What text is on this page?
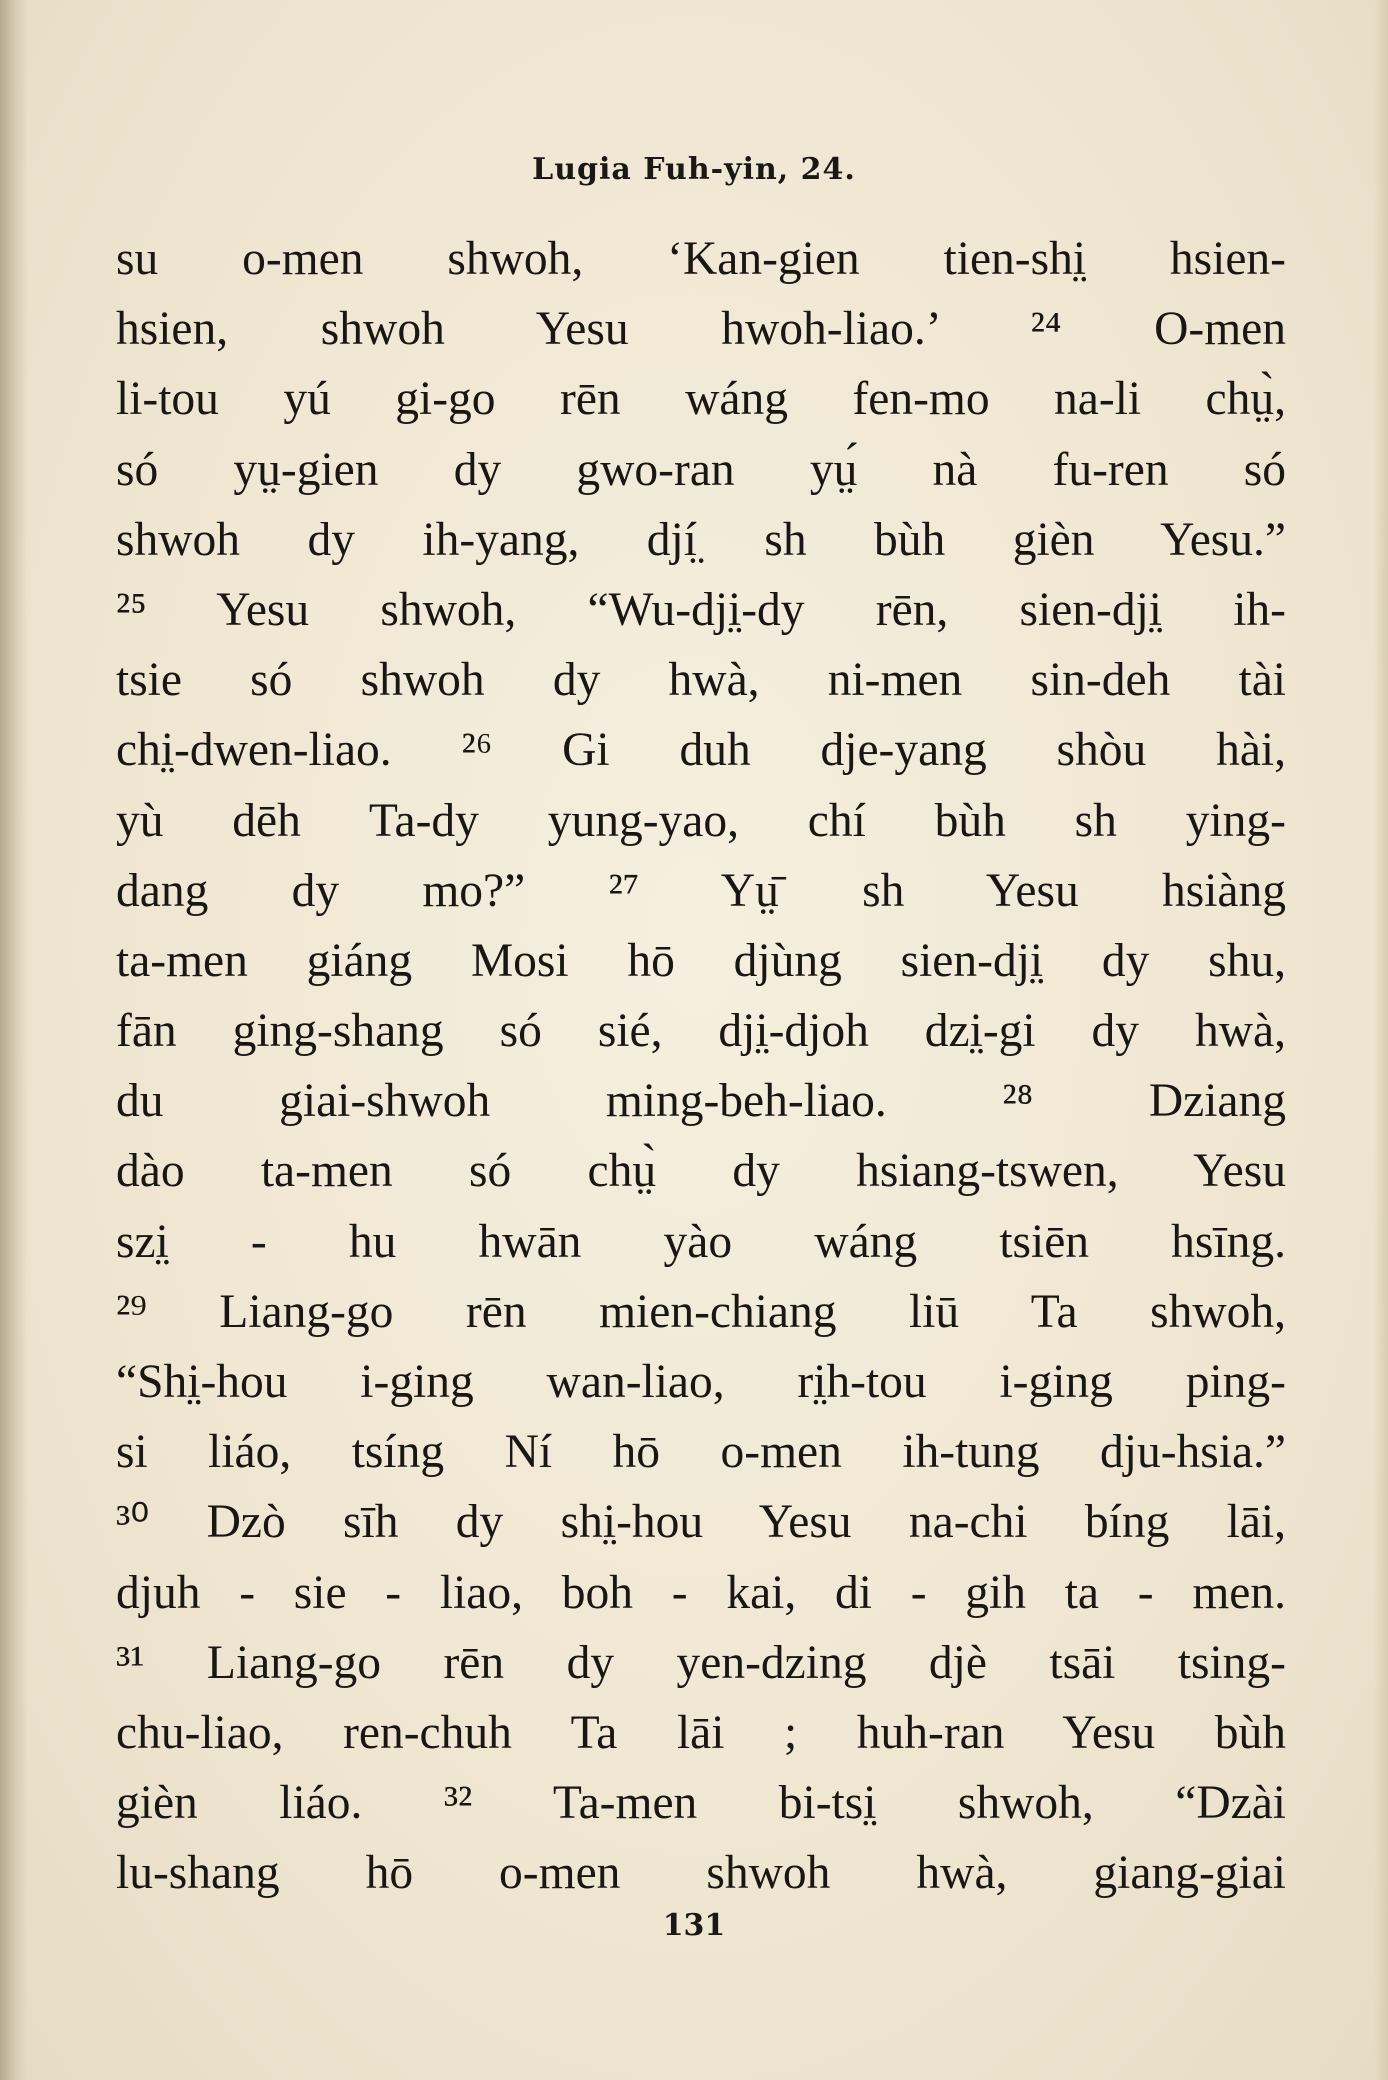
Lugia Fuh-yin, 24.
su o-men shwoh, ‘Kan-gien tien-shi̤ hsien-
hsien, shwoh Yesu hwoh-liao.’ ²⁴ O-men
li-tou yú gi-go rēn wáng fen-mo na-li chṳ̀,
só yṳ-gien dy gwo-ran yṳ́ nà fu-ren só
shwoh dy ih-yang, djí̤ sh bùh gièn Yesu.”
²⁵ Yesu shwoh, “Wu-dji̤-dy rēn, sien-dji̤ ih-
tsie só shwoh dy hwà, ni-men sin-deh tài
chi̤-dwen-liao. ²⁶ Gi duh dje-yang shòu hài,
yù dēh Ta-dy yung-yao, chí bùh sh ying-
dang dy mo?” ²⁷ Yṳ̄ sh Yesu hsiàng
ta-men giáng Mosi hō djùng sien-dji̤ dy shu,
fān ging-shang só sié, dji̤-djoh dzi̤-gi dy hwà,
du giai-shwoh ming-beh-liao. ²⁸ Dziang
dào ta-men só chṳ̀ dy hsiang-tswen, Yesu
szi̤ - hu hwān yào wáng tsiēn hsīng.
²⁹ Liang-go rēn mien-chiang liū Ta shwoh,
“Shi̤-hou i-ging wan-liao, ri̤h-tou i-ging ping-
si liáo, tsíng Ní hō o-men ih-tung dju-hsia.”
³⁰ Dzò sīh dy shi̤-hou Yesu na-chi bíng lāi,
djuh - sie - liao, boh - kai, di - gih ta - men.
³¹ Liang-go rēn dy yen-dzing djè tsāi tsing-
chu-liao, ren-chuh Ta lāi ; huh-ran Yesu bùh
gièn liáo. ³² Ta-men bi-tsi̤ shwoh, “Dzài
lu-shang hō o-men shwoh hwà, giang-giai
131
